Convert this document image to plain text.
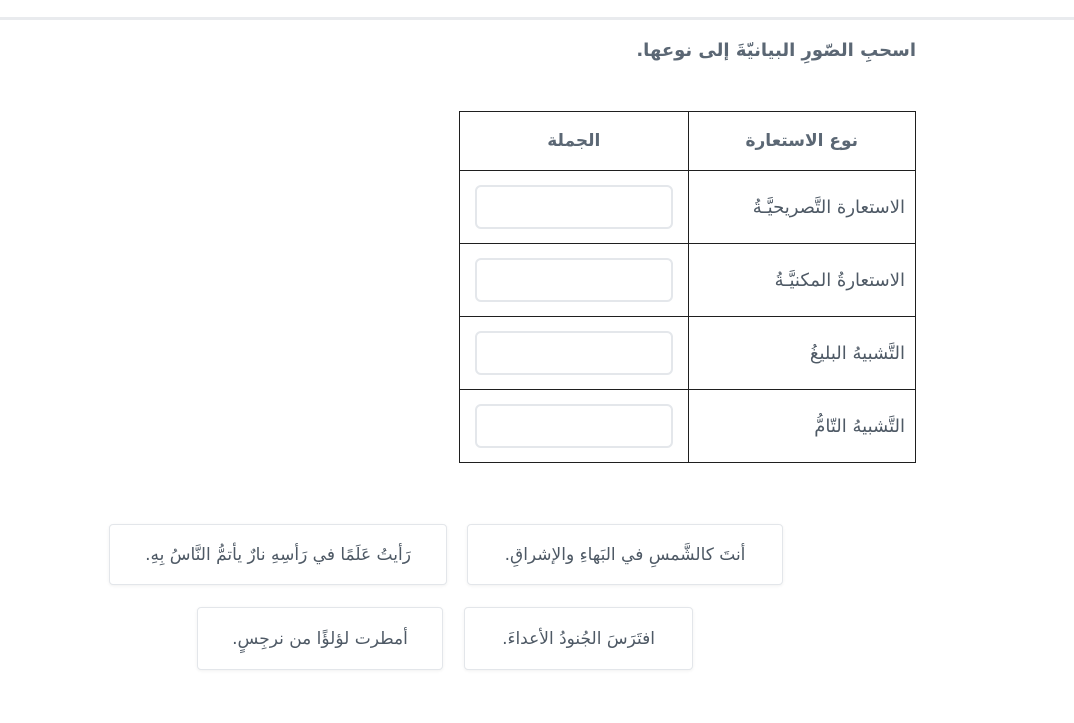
اسحبِ الصّورِ البيانيّةَ إلى نوعها.

نوع الاستعارة	الجملة
الاستعارة التَّصريحيَّـةُ	
الاستعارةُ المكنيَّـةُ	
التَّشبيهُ البليغُ	
التَّشبيهُ التّامُّ	
أنتَ كالشَّمسِ في البَهاءِ والإشراقِ.
رَأيتُ عَلَمًا في رَأسِهِ نارٌ يأتمُّ النَّاسُ بِهِ.
افتَرَسَ الجُنودُ الأعداءَ.
أمطرت لؤلؤًا من نرجِسٍ.
